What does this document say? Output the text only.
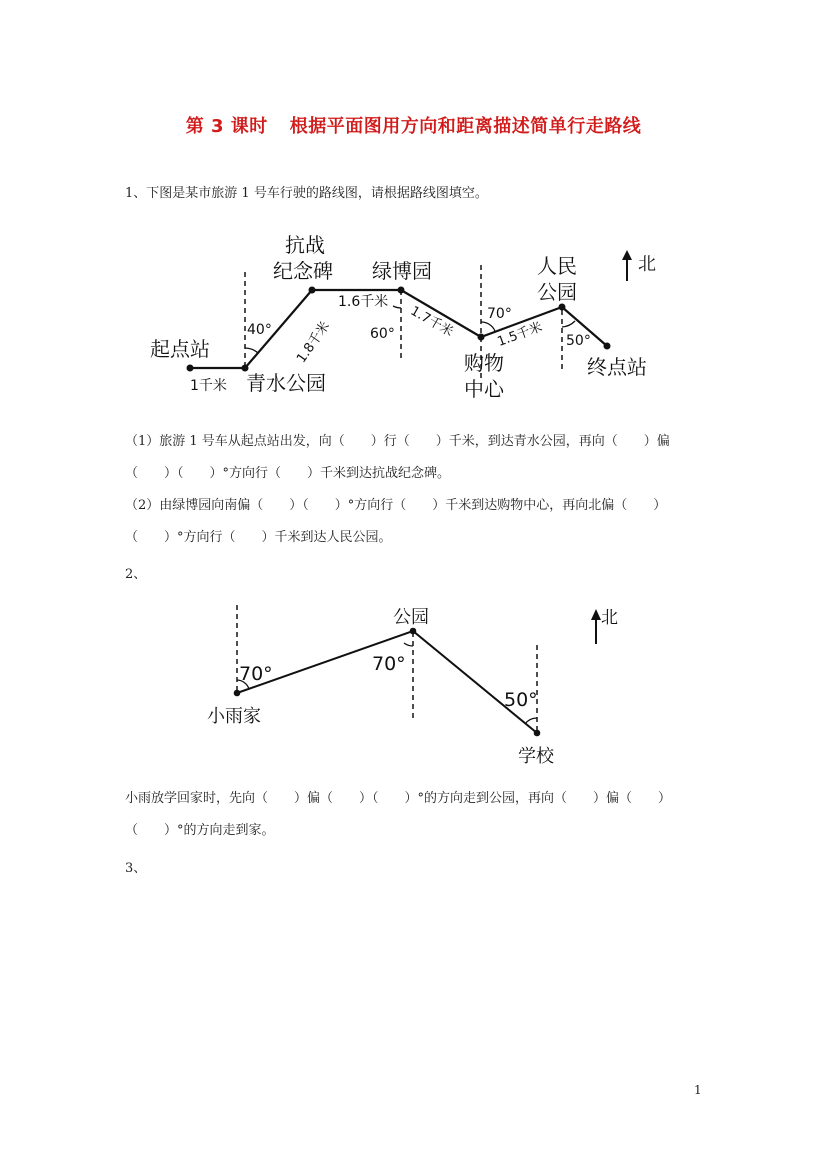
第 3 课时 根据平面图用方向和距离描述简单行走路线
1、下图是某市旅游 1 号车行驶的路线图，请根据路线图填空。
北
起点站
青水公园
抗战
纪念碑 绿博园
购物
中心
人民
公园
终点站
1千米
1.8千米
1.6千米
1.7千米	1.5千米
40°	60°
70°
50°
（1）旅游 1 号车从起点站出发，向（　　）行（　　）千米，到达青水公园，再向（　　）偏
（　　）（　　）°方向行（　　）千米到达抗战纪念碑。
（2）由绿博园向南偏（　　）（　　）°方向行（　　）千米到达购物中心，再向北偏（　　）
（　　）°方向行（　　）千米到达人民公园。
2、
北
70°	70°
50°
小雨家
公园
学校
小雨放学回家时，先向（　　）偏（　　）（　　）°的方向走到公园，再向（　　）偏（　　）
（　　）°的方向走到家。
3、
1
